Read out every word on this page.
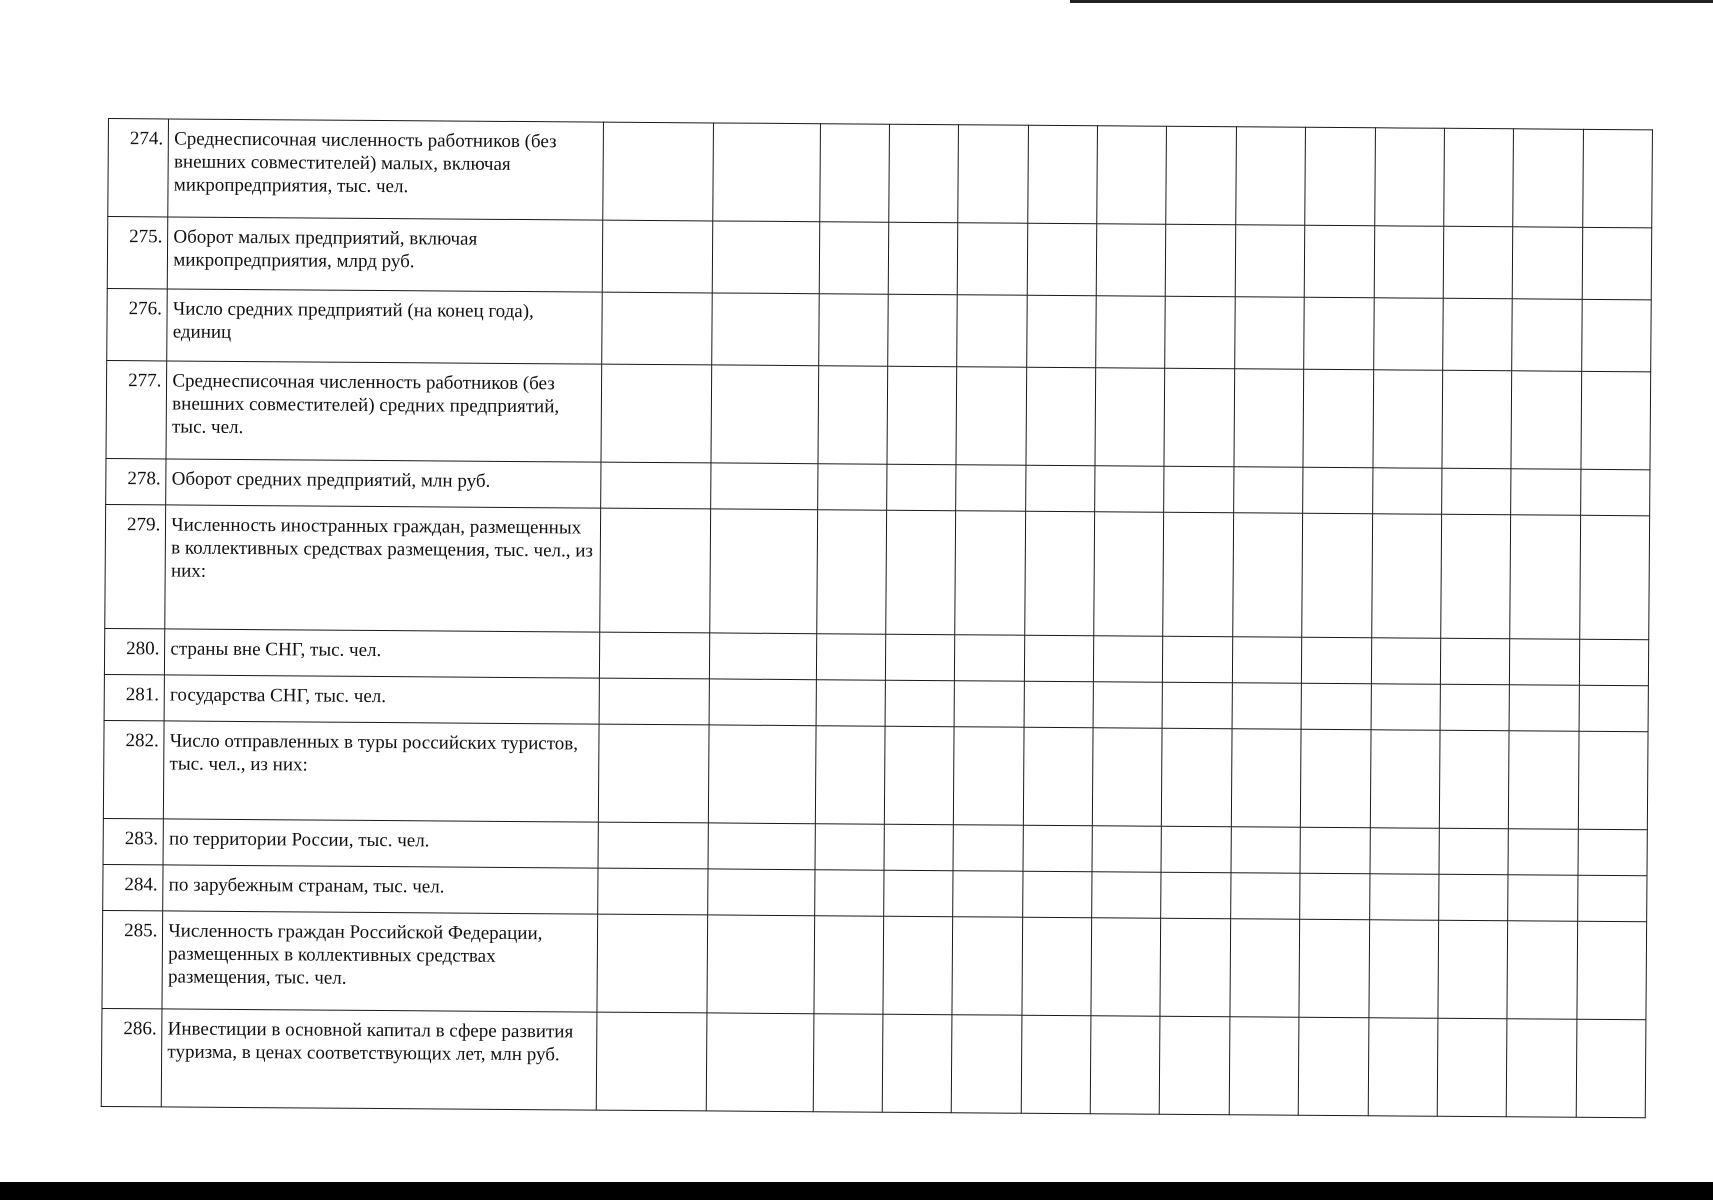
274.	Среднесписочная численность работников (без внешних совместителей) малых, включая микропредприятия, тыс. чел.														
275.	Оборот малых предприятий, включая микропредприятия, млрд руб.														
276.	Число средних предприятий (на конец года), единиц														
277.	Среднесписочная численность работников (без внешних совместителей) средних предприятий, тыс. чел.														
278.	Оборот средних предприятий, млн руб.														
279.	Численность иностранных граждан, размещенных в коллективных средствах размещения, тыс. чел., из них:														
280.	страны вне СНГ, тыс. чел.														
281.	государства СНГ, тыс. чел.														
282.	Число отправленных в туры российских туристов, тыс. чел., из них:														
283.	по территории России, тыс. чел.														
284.	по зарубежным странам, тыс. чел.														
285.	Численность граждан Российской Федерации, размещенных в коллективных средствах размещения, тыс. чел.														
286.	Инвестиции в основной капитал в сфере развития туризма, в ценах соответствующих лет, млн руб.														
